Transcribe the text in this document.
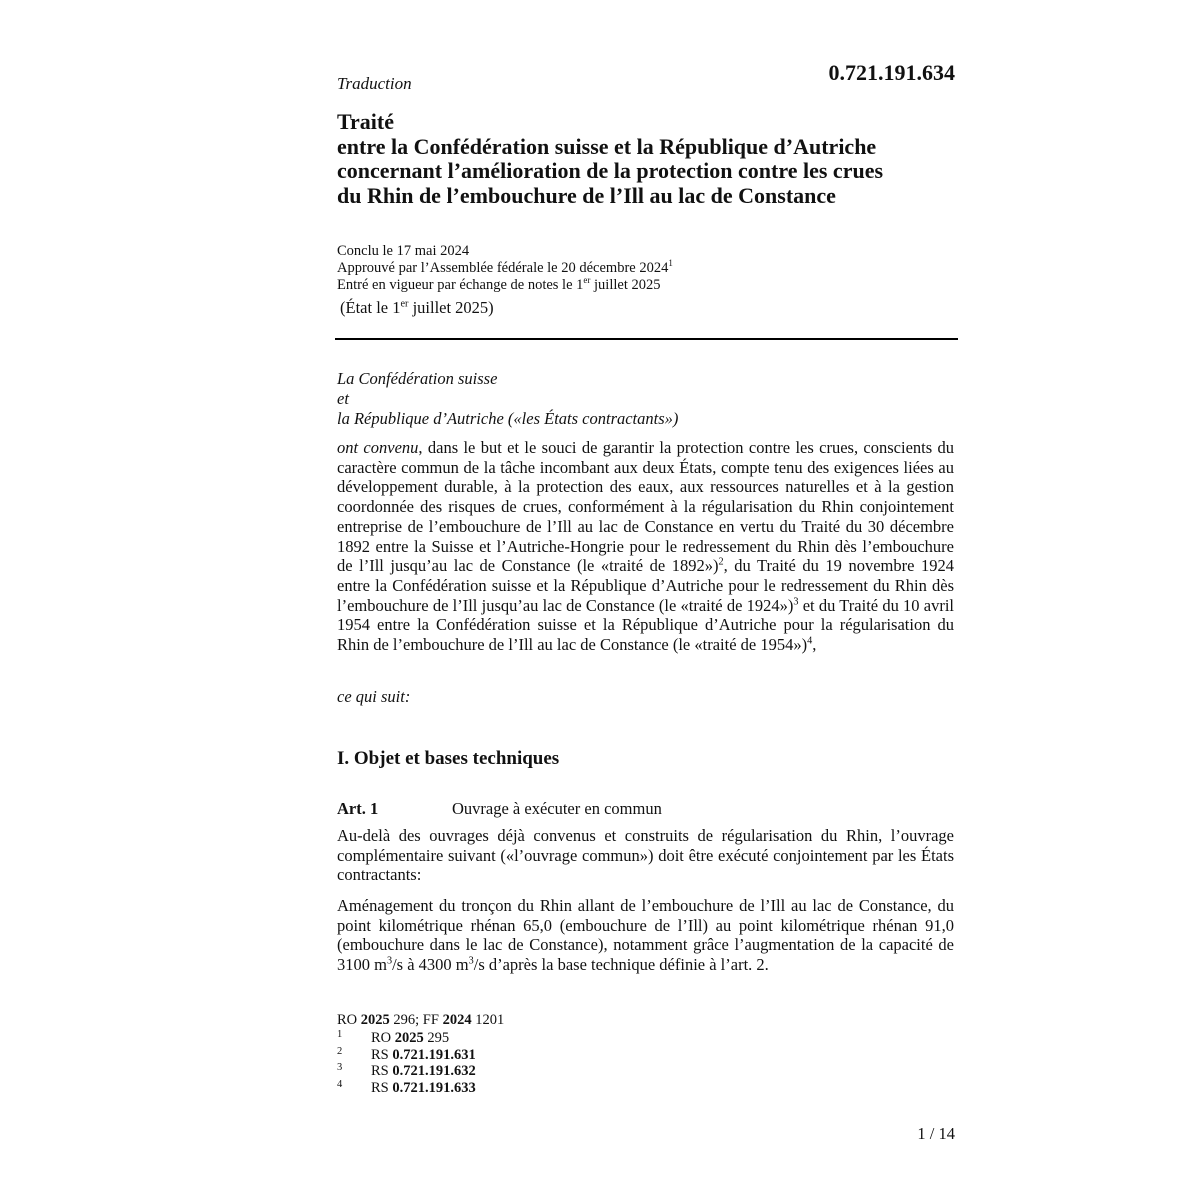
Traduction	0.721.191.634
Traité
entre la Confédération suisse et la République d’Autriche
concernant l’amélioration de la protection contre les crues
du Rhin de l’embouchure de l’Ill au lac de Constance
Conclu le 17 mai 2024
Approuvé par l’Assemblée fédérale le 20 décembre 2024$^1$
Entré en vigueur par échange de notes le 1er juillet 2025
(État le 1er juillet 2025)
La Confédération suisse
et
la République d’Autriche («les États contractants»)
ont convenu, dans le but et le souci de garantir la protection contre les crues, conscients du caractère commun de la tâche incombant aux deux États, compte tenu des exigences liées au développement durable, à la protection des eaux, aux ressources naturelles et à la gestion coordonnée des risques de crues, conformément à la régularisation du Rhin conjointement entreprise de l’embouchure de l’Ill au lac de Constance en vertu du Traité du 30 décembre 1892 entre la Suisse et l’Autriche-Hongrie pour le redressement du Rhin dès l’embouchure de l’Ill jusqu’au lac de Constance (le «traité de 1892»)$^2$, du Traité du 19 novembre 1924 entre la Confédération suisse et la République d’Autriche pour le redressement du Rhin dès l’embouchure de l’Ill jusqu’au lac de Constance (le «traité de 1924»)$^3$ et du Traité du 10 avril 1954 entre la Confédération suisse et la République d’Autriche pour la régularisation du Rhin de l’embouchure de l’Ill au lac de Constance (le «traité de 1954»)$^4$,
ce qui suit:
I. Objet et bases techniques
Art. 1	Ouvrage à exécuter en commun
Au-delà des ouvrages déjà convenus et construits de régularisation du Rhin, l’ouvrage complémentaire suivant («l’ouvrage commun») doit être exécuté conjointement par les États contractants:
Aménagement du tronçon du Rhin allant de l’embouchure de l’Ill au lac de Constance, du point kilométrique rhénan 65,0 (embouchure de l’Ill) au point kilométrique rhénan 91,0 (embouchure dans le lac de Constance), notamment grâce l’augmentation de la capacité de 3100 $m^3/s$ à 4300 $m^3/s$ d’après la base technique définie à l’art. 2.
RO 2025 296; FF 2024 1201
1 RO 2025 295
2 RS 0.721.191.631
3 RS 0.721.191.632
4 RS 0.721.191.633
1 / 14
